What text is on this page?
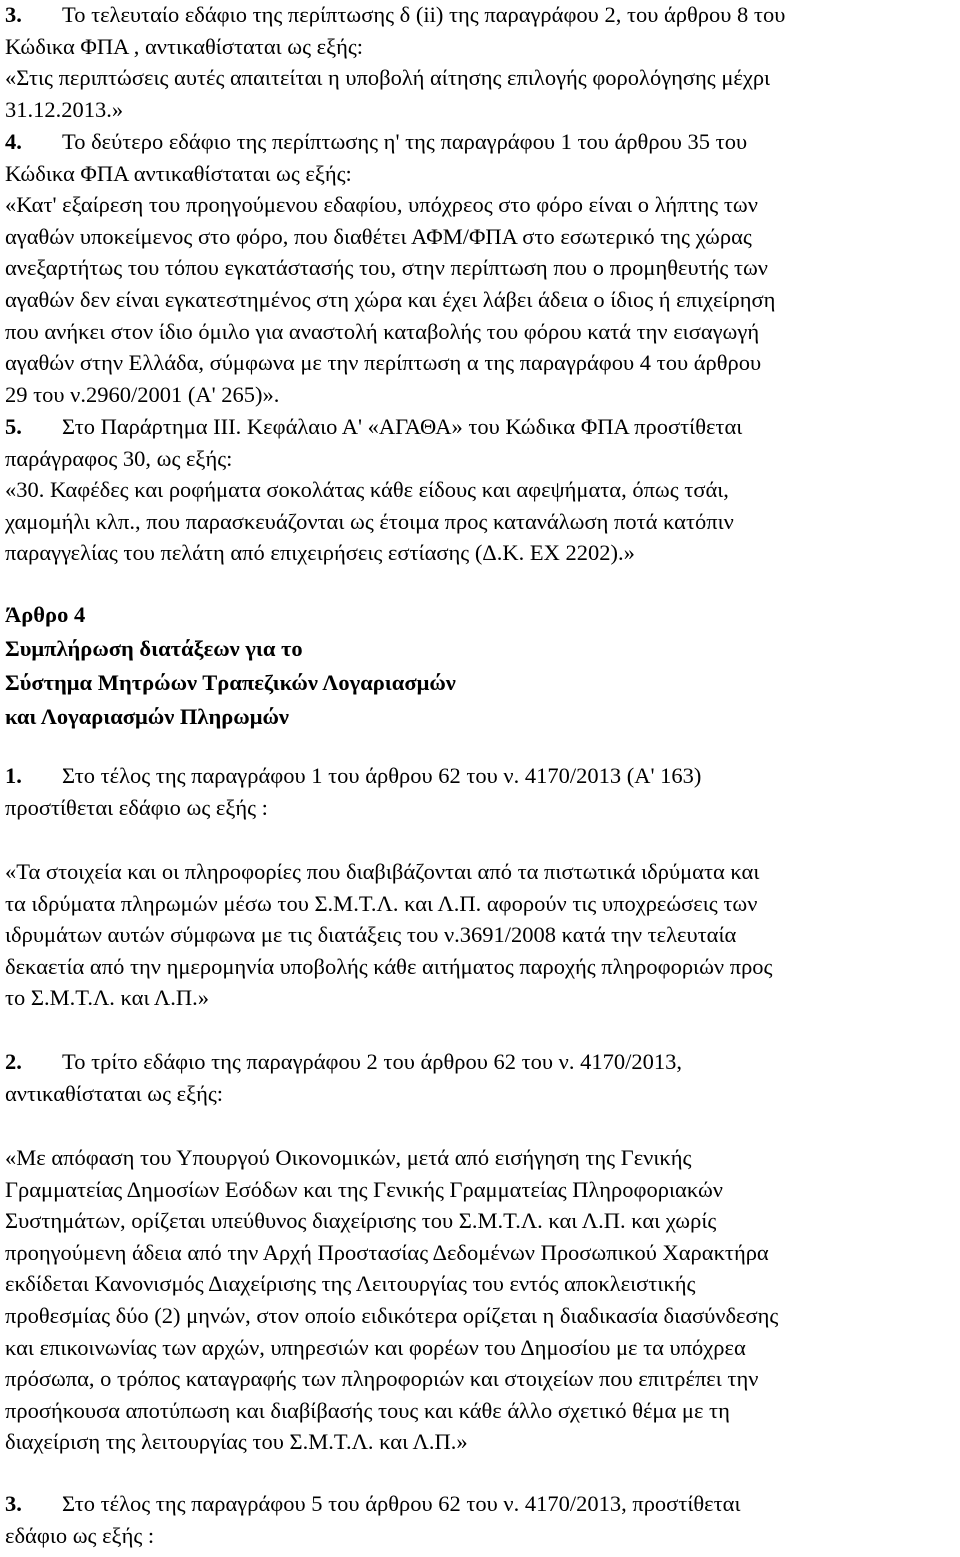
3. Το τελευταίο εδάφιο της περίπτωσης δ (ii) της παραγράφου 2, του άρθρου 8 του
Κώδικα ΦΠΑ , αντικαθίσταται ως εξής:
«Στις περιπτώσεις αυτές απαιτείται η υποβολή αίτησης επιλογής φορολόγησης μέχρι
31.12.2013.»
4. Το δεύτερο εδάφιο της περίπτωσης η' της παραγράφου 1 του άρθρου 35 του
Κώδικα ΦΠΑ αντικαθίσταται ως εξής:
«Κατ' εξαίρεση του προηγούμενου εδαφίου, υπόχρεος στο φόρο είναι ο λήπτης των
αγαθών υποκείμενος στο φόρο, που διαθέτει ΑΦΜ/ΦΠΑ στο εσωτερικό της χώρας
ανεξαρτήτως του τόπου εγκατάστασής του, στην περίπτωση που ο προμηθευτής των
αγαθών δεν είναι εγκατεστημένος στη χώρα και έχει λάβει άδεια ο ίδιος ή επιχείρηση
που ανήκει στον ίδιο όμιλο για αναστολή καταβολής του φόρου κατά την εισαγωγή
αγαθών στην Ελλάδα, σύμφωνα με την περίπτωση α της παραγράφου 4 του άρθρου
29 του ν.2960/2001 (Α' 265)».
5. Στο Παράρτημα ΙΙΙ. Κεφάλαιο Α' «ΑΓΑΘΑ» του Κώδικα ΦΠΑ προστίθεται
παράγραφος 30, ως εξής:
«30. Καφέδες και ροφήματα σοκολάτας κάθε είδους και αφεψήματα, όπως τσάι,
χαμομήλι κλπ., που παρασκευάζονται ως έτοιμα προς κατανάλωση ποτά κατόπιν
παραγγελίας του πελάτη από επιχειρήσεις εστίασης (Δ.Κ. ΕΧ 2202).»
Άρθρο 4
Συμπλήρωση διατάξεων για το
Σύστημα Μητρώων Τραπεζικών Λογαριασμών
και Λογαριασμών Πληρωμών
1. Στο τέλος της παραγράφου 1 του άρθρου 62 του ν. 4170/2013 (Α' 163)
προστίθεται εδάφιο ως εξής :
«Τα στοιχεία και οι πληροφορίες που διαβιβάζονται από τα πιστωτικά ιδρύματα και
τα ιδρύματα πληρωμών μέσω του Σ.Μ.Τ.Λ. και Λ.Π. αφορούν τις υποχρεώσεις των
ιδρυμάτων αυτών σύμφωνα με τις διατάξεις του ν.3691/2008 κατά την τελευταία
δεκαετία από την ημερομηνία υποβολής κάθε αιτήματος παροχής πληροφοριών προς
το Σ.Μ.Τ.Λ. και Λ.Π.»
2. Το τρίτο εδάφιο της παραγράφου 2 του άρθρου 62 του ν. 4170/2013,
αντικαθίσταται ως εξής:
«Με απόφαση του Υπουργού Οικονομικών, μετά από εισήγηση της Γενικής
Γραμματείας Δημοσίων Εσόδων και της Γενικής Γραμματείας Πληροφοριακών
Συστημάτων, ορίζεται υπεύθυνος διαχείρισης του Σ.Μ.Τ.Λ. και Λ.Π. και χωρίς
προηγούμενη άδεια από την Αρχή Προστασίας Δεδομένων Προσωπικού Χαρακτήρα
εκδίδεται Κανονισμός Διαχείρισης της Λειτουργίας του εντός αποκλειστικής
προθεσμίας δύο (2) μηνών, στον οποίο ειδικότερα ορίζεται η διαδικασία διασύνδεσης
και επικοινωνίας των αρχών, υπηρεσιών και φορέων του Δημοσίου με τα υπόχρεα
πρόσωπα, ο τρόπος καταγραφής των πληροφοριών και στοιχείων που επιτρέπει την
προσήκουσα αποτύπωση και διαβίβασής τους και κάθε άλλο σχετικό θέμα με τη
διαχείριση της λειτουργίας του Σ.Μ.Τ.Λ. και Λ.Π.»
3. Στο τέλος της παραγράφου 5 του άρθρου 62 του ν. 4170/2013, προστίθεται
εδάφιο ως εξής :
